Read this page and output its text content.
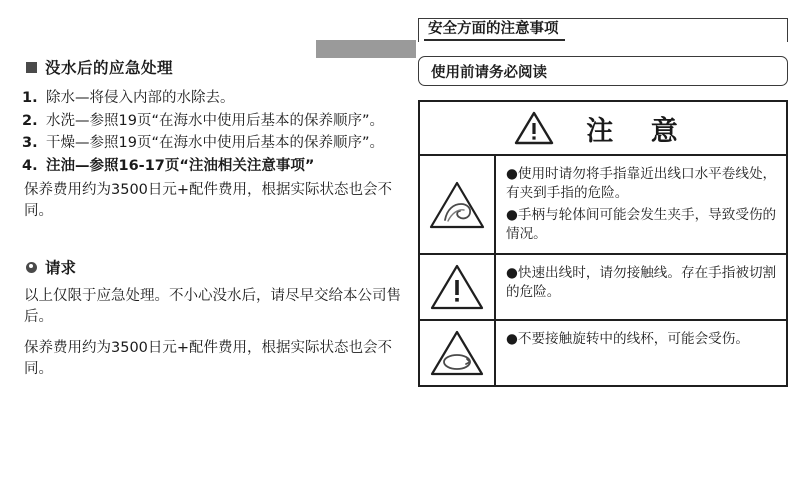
没水后的应急处理
1. 除水—将侵入内部的水除去。
2. 水洗—参照19页“在海水中使用后基本的保养顺序”。
3. 干燥—参照19页“在海水中使用后基本的保养顺序”。
4. 注油—参照16-17页“注油相关注意事项”
保养费用约为3500日元+配件费用，根据实际状态也会不同。
请求
以上仅限于应急处理。不小心没水后，请尽早交给本公司售后。
保养费用约为3500日元+配件费用，根据实际状态也会不同。
安全方面的注意事项
使用前请务必阅读
注 意
●使用时请勿将手指靠近出线口水平卷线处，有夹到手指的危险。
●手柄与轮体间可能会发生夹手，导致受伤的情况。
●快速出线时，请勿接触线。存在手指被切割的危险。
●不要接触旋转中的线杯，可能会受伤。
